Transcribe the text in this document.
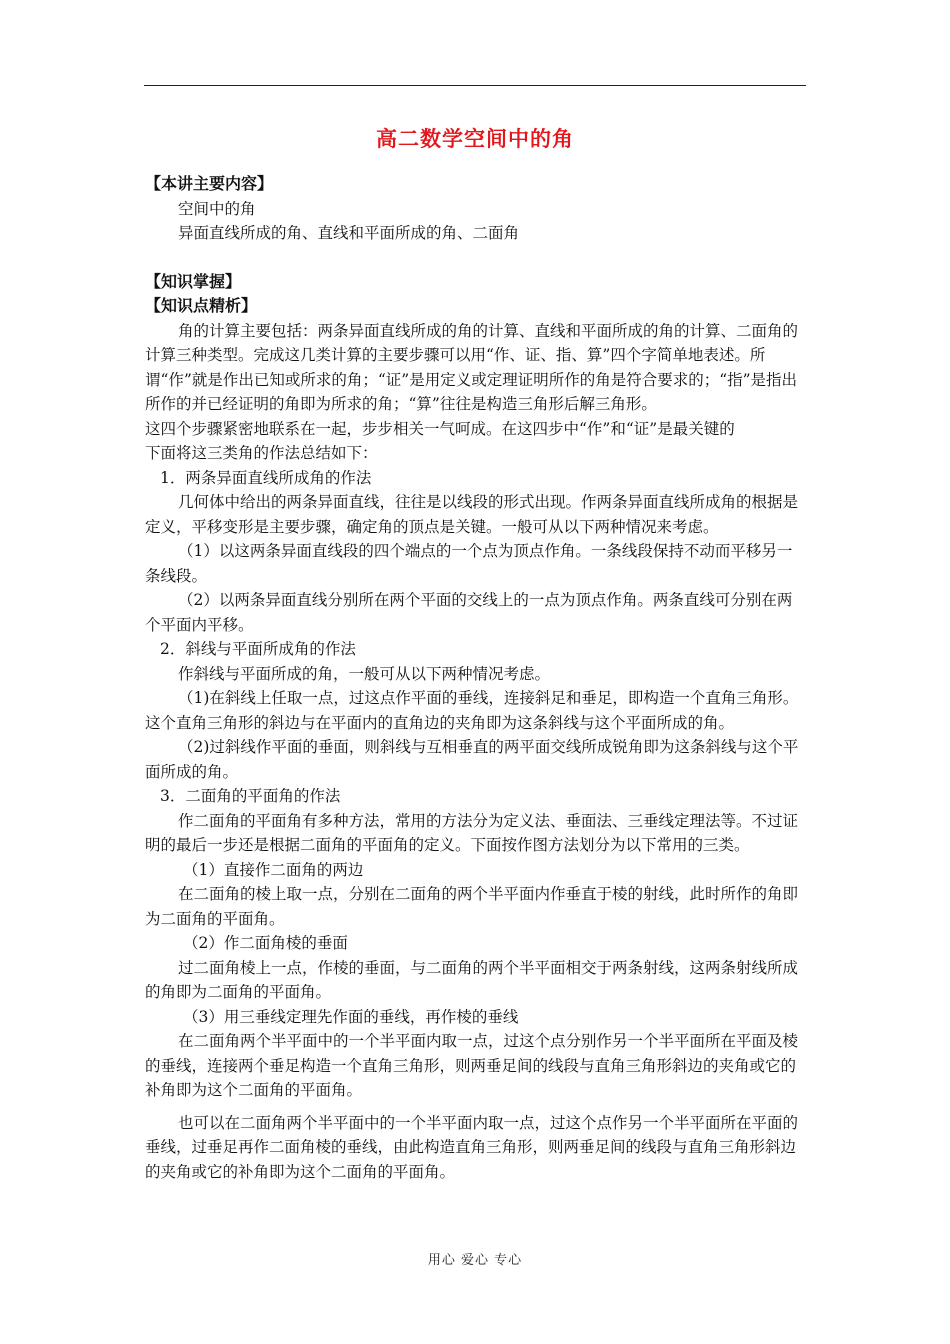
高二数学空间中的角

【本讲主要内容】

空间中的角

异面直线所成的角、直线和平面所成的角、二面角

【知识掌握】

【知识点精析】

角的计算主要包括：两条异面直线所成的角的计算、直线和平面所成的角的计算、二面角的计算三种类型。完成这几类计算的主要步骤可以用“作、证、指、算”四个字简单地表述。所谓“作”就是作出已知或所求的角；“证”是用定义或定理证明所作的角是符合要求的；“指”是指出所作的并已经证明的角即为所求的角；“算”往往是构造三角形后解三角形。

这四个步骤紧密地联系在一起，步步相关一气呵成。在这四步中“作”和“证”是最关键的

下面将这三类角的作法总结如下：

1．两条异面直线所成角的作法

几何体中给出的两条异面直线，往往是以线段的形式出现。作两条异面直线所成角的根据是定义，平移变形是主要步骤，确定角的顶点是关键。一般可从以下两种情况来考虑。

（1）以这两条异面直线段的四个端点的一个点为顶点作角。一条线段保持不动而平移另一条线段。

（2）以两条异面直线分别所在两个平面的交线上的一点为顶点作角。两条直线可分别在两个平面内平移。

2．斜线与平面所成角的作法

作斜线与平面所成的角，一般可从以下两种情况考虑。

（1)在斜线上任取一点，过这点作平面的垂线，连接斜足和垂足，即构造一个直角三角形。这个直角三角形的斜边与在平面内的直角边的夹角即为这条斜线与这个平面所成的角。

（2)过斜线作平面的垂面，则斜线与互相垂直的两平面交线所成锐角即为这条斜线与这个平面所成的角。

3．二面角的平面角的作法

作二面角的平面角有多种方法，常用的方法分为定义法、垂面法、三垂线定理法等。不过证明的最后一步还是根据二面角的平面角的定义。下面按作图方法划分为以下常用的三类。

（1）直接作二面角的两边

在二面角的棱上取一点，分别在二面角的两个半平面内作垂直于棱的射线，此时所作的角即为二面角的平面角。

（2）作二面角棱的垂面

过二面角棱上一点，作棱的垂面，与二面角的两个半平面相交于两条射线，这两条射线所成的角即为二面角的平面角。

（3）用三垂线定理先作面的垂线，再作棱的垂线

在二面角两个半平面中的一个半平面内取一点，过这个点分别作另一个半平面所在平面及棱的垂线，连接两个垂足构造一个直角三角形，则两垂足间的线段与直角三角形斜边的夹角或它的补角即为这个二面角的平面角。

也可以在二面角两个半平面中的一个半平面内取一点，过这个点作另一个半平面所在平面的垂线，过垂足再作二面角棱的垂线，由此构造直角三角形，则两垂足间的线段与直角三角形斜边的夹角或它的补角即为这个二面角的平面角。

用心 爱心 专心
